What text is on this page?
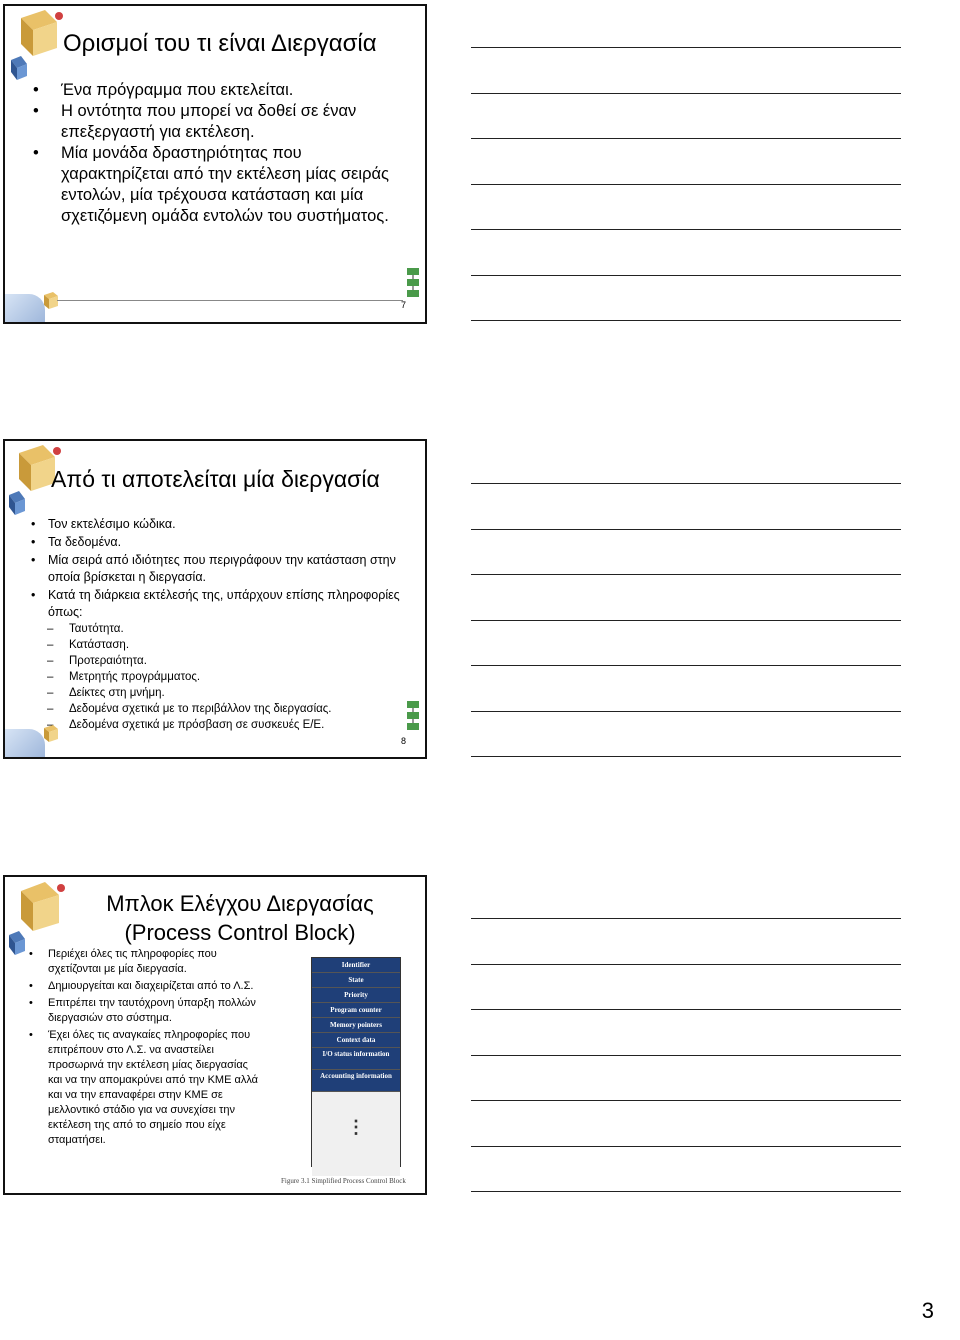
Ορισμοί του τι είναι Διεργασία
• Ένα πρόγραμμα που εκτελείται.
• Η οντότητα που μπορεί να δοθεί σε έναν επεξεργαστή για εκτέλεση.
• Μία μονάδα δραστηριότητας που χαρακτηρίζεται από την εκτέλεση μίας σειράς εντολών, μία τρέχουσα κατάσταση και μία σχετιζόμενη ομάδα εντολών του συστήματος.
7
Από τι αποτελείται μία διεργασία
• Τον εκτελέσιμο κώδικα.
• Τα δεδομένα.
• Μία σειρά από ιδιότητες που περιγράφουν την κατάσταση στην οποία βρίσκεται η διεργασία.
• Κατά τη διάρκεια εκτέλεσής της, υπάρχουν επίσης πληροφορίες όπως:
– Ταυτότητα.
– Κατάσταση.
– Προτεραιότητα.
– Μετρητής προγράμματος.
– Δείκτες στη μνήμη.
– Δεδομένα σχετικά με το περιβάλλον της διεργασίας.
– Δεδομένα σχετικά με πρόσβαση σε συσκευές Ε/Ε.
8
Μπλοκ Ελέγχου Διεργασίας
(Process Control Block)
• Περιέχει όλες τις πληροφορίες που σχετίζονται με μία διεργασία.
• Δημιουργείται και διαχειρίζεται από το Λ.Σ.
• Επιτρέπει την ταυτόχρονη ύπαρξη πολλών διεργασιών στο σύστημα.
• Έχει όλες τις αναγκαίες πληροφορίες που επιτρέπουν στο Λ.Σ. να αναστείλει προσωρινά την εκτέλεση μίας διεργασίας και να την απομακρύνει από την ΚΜΕ αλλά και να την επαναφέρει στην ΚΜΕ σε μελλοντικό στάδιο για να συνεχίσει την εκτέλεση της από το σημείο που είχε σταματήσει.
Identifier
State
Priority
Program counter
Memory pointers
Context data
I/O status information
Accounting information
⋮
Figure 3.1 Simplified Process Control Block
3
